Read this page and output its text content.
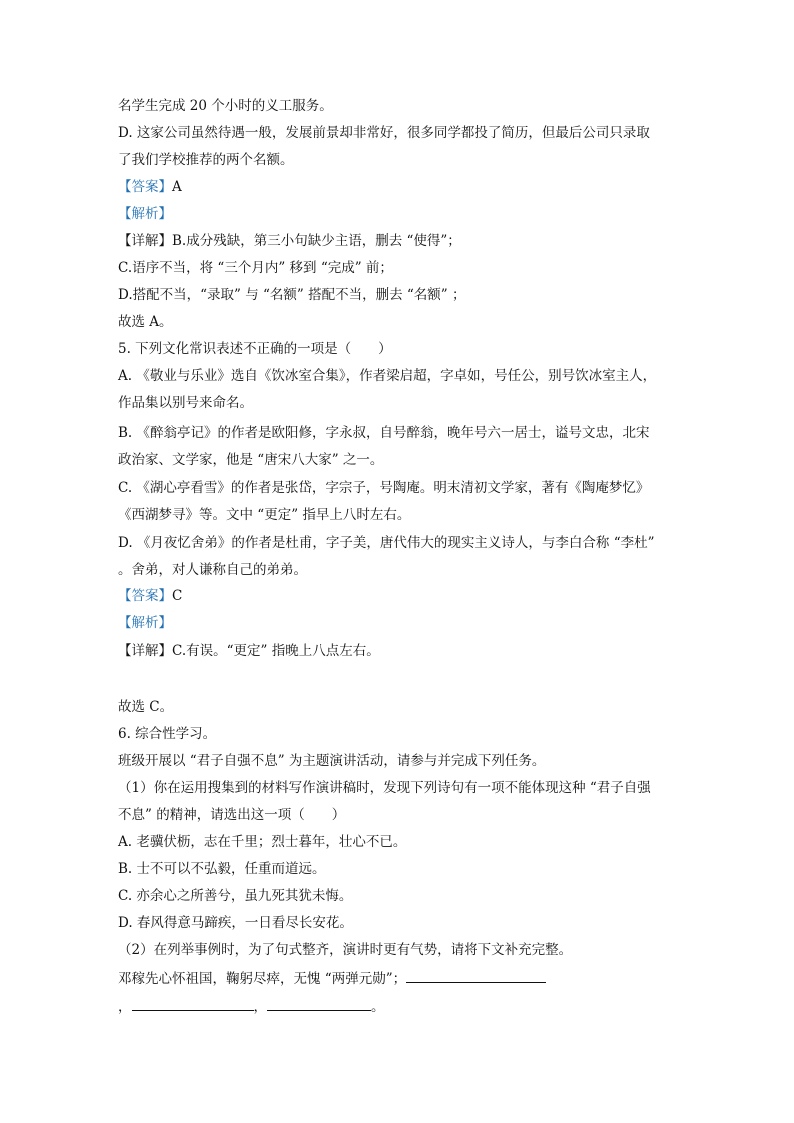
名学生完成 20 个小时的义工服务。
D. 这家公司虽然待遇一般，发展前景却非常好，很多同学都投了简历，但最后公司只录取
了我们学校推荐的两个名额。
【答案】A
【解析】
【详解】B.成分残缺，第三小句缺少主语，删去 “使得”；
C.语序不当，将 “三个月内” 移到 “完成” 前；
D.搭配不当，“录取” 与 “名额” 搭配不当，删去 “名额” ；
故选 A。
5. 下列文化常识表述不正确的一项是（　　）
A. 《敬业与乐业》选自《饮冰室合集》，作者梁启超，字卓如，号任公，别号饮冰室主人，
作品集以别号来命名。
B. 《醉翁亭记》的作者是欧阳修，字永叔，自号醉翁，晚年号六一居士，谥号文忠，北宋
政治家、文学家，他是 “唐宋八大家” 之一。
C. 《湖心亭看雪》的作者是张岱，字宗子，号陶庵。明末清初文学家，著有《陶庵梦忆》
《西湖梦寻》等。文中 “更定” 指早上八时左右。
D. 《月夜忆舍弟》的作者是杜甫，字子美，唐代伟大的现实主义诗人，与李白合称 “李杜”
。舍弟，对人谦称自己的弟弟。
【答案】C
【解析】
【详解】C.有误。“更定” 指晚上八点左右。
故选 C。
6. 综合性学习。
班级开展以 “君子自强不息” 为主题演讲活动，请参与并完成下列任务。
（1）你在运用搜集到的材料写作演讲稿时，发现下列诗句有一项不能体现这种 “君子自强
不息” 的精神，请选出这一项（　　）
A. 老骥伏枥，志在千里；烈士暮年，壮心不已。
B. 士不可以不弘毅，任重而道远。
C. 亦余心之所善兮，虽九死其犹未悔。
D. 春风得意马蹄疾，一日看尽长安花。
（2）在列举事例时，为了句式整齐，演讲时更有气势，请将下文补充完整。
邓稼先心怀祖国，鞠躬尽瘁，无愧 “两弹元勋”；
，	，	。
